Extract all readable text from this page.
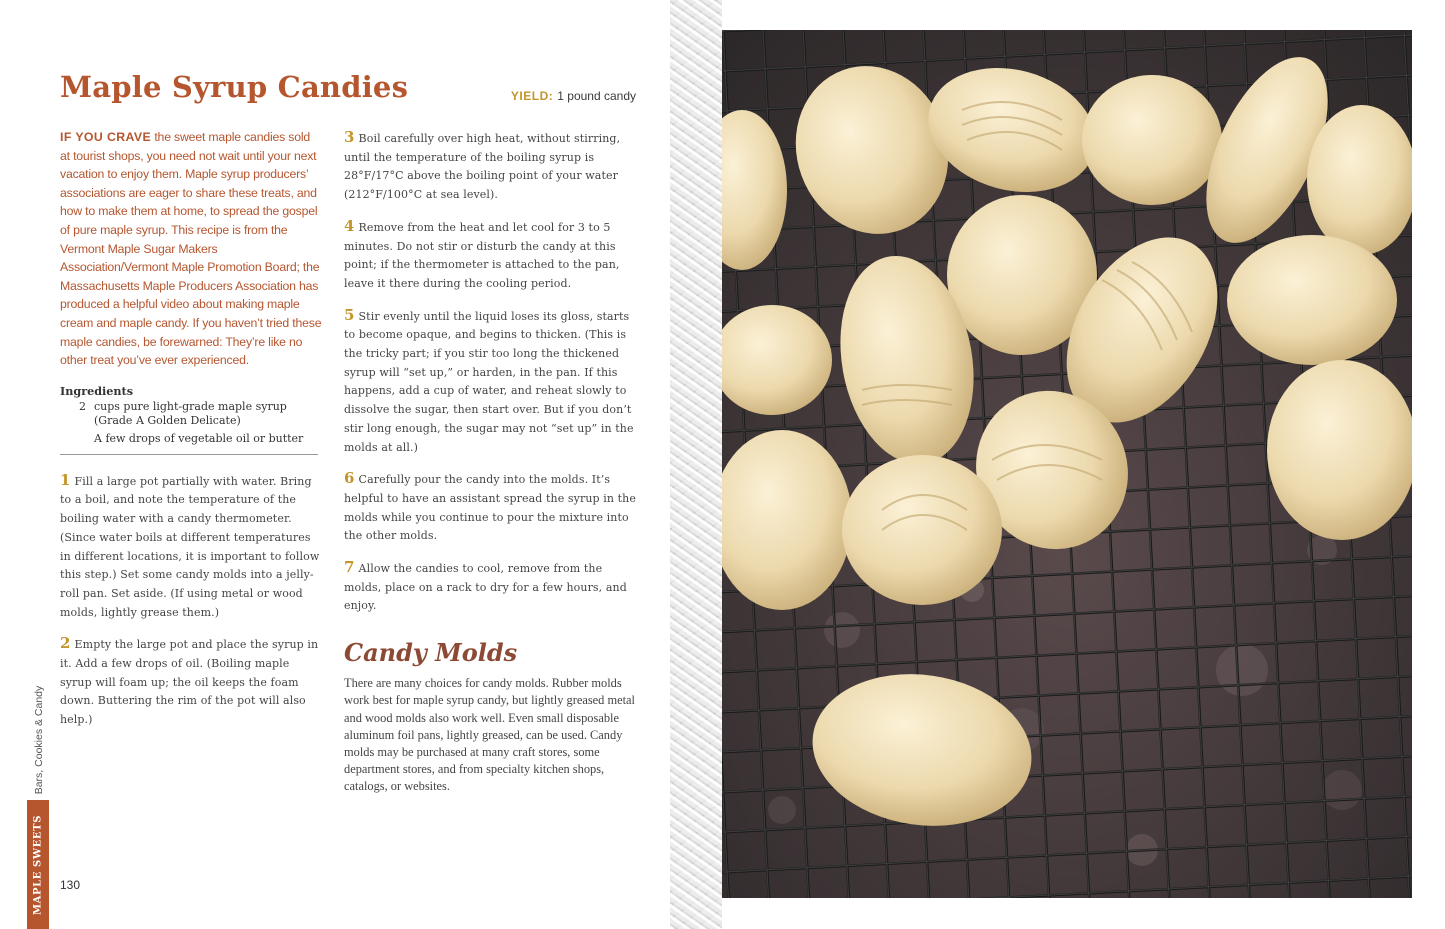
Maple Syrup Candies	YIELD: 1 pound candy

IF YOU CRAVE the sweet maple candies sold at tourist shops, you need not wait until your next vacation to enjoy them. Maple syrup producers’ associations are eager to share these treats, and how to make them at home, to spread the gospel of pure maple syrup. This recipe is from the Vermont Maple Sugar Makers Association/Vermont Maple Promotion Board; the Massachusetts Maple Producers Association has produced a helpful video about making maple cream and maple candy. If you haven’t tried these maple candies, be forewarned: They’re like no other treat you’ve ever experienced.

Ingredients
2 cups pure light-grade maple syrup (Grade A Golden Delicate)
A few drops of vegetable oil or butter

1 Fill a large pot partially with water. Bring to a boil, and note the temperature of the boiling water with a candy thermometer. (Since water boils at different temperatures in different locations, it is important to follow this step.) Set some candy molds into a jelly-roll pan. Set aside. (If using metal or wood molds, lightly grease them.)

2 Empty the large pot and place the syrup in it. Add a few drops of oil. (Boiling maple syrup will foam up; the oil keeps the foam down. Buttering the rim of the pot will also help.)

3 Boil carefully over high heat, without stirring, until the temperature of the boiling syrup is 28°F/17°C above the boiling point of your water (212°F/100°C at sea level).

4 Remove from the heat and let cool for 3 to 5 minutes. Do not stir or disturb the candy at this point; if the thermometer is attached to the pan, leave it there during the cooling period.

5 Stir evenly until the liquid loses its gloss, starts to become opaque, and begins to thicken. (This is the tricky part; if you stir too long the thickened syrup will “set up,” or harden, in the pan. If this happens, add a cup of water, and reheat slowly to dissolve the sugar, then start over. But if you don’t stir long enough, the sugar may not “set up” in the molds at all.)

6 Carefully pour the candy into the molds. It’s helpful to have an assistant spread the syrup in the molds while you continue to pour the mixture into the other molds.

7 Allow the candies to cool, remove from the molds, place on a rack to dry for a few hours, and enjoy.

Candy Molds

There are many choices for candy molds. Rubber molds work best for maple syrup candy, but lightly greased metal and wood molds also work well. Even small disposable aluminum foil pans, lightly greased, can be used. Candy molds may be purchased at many craft stores, some department stores, and from specialty kitchen shops, catalogs, or websites.

Bars, Cookies & Candy
MAPLE SWEETS 130
